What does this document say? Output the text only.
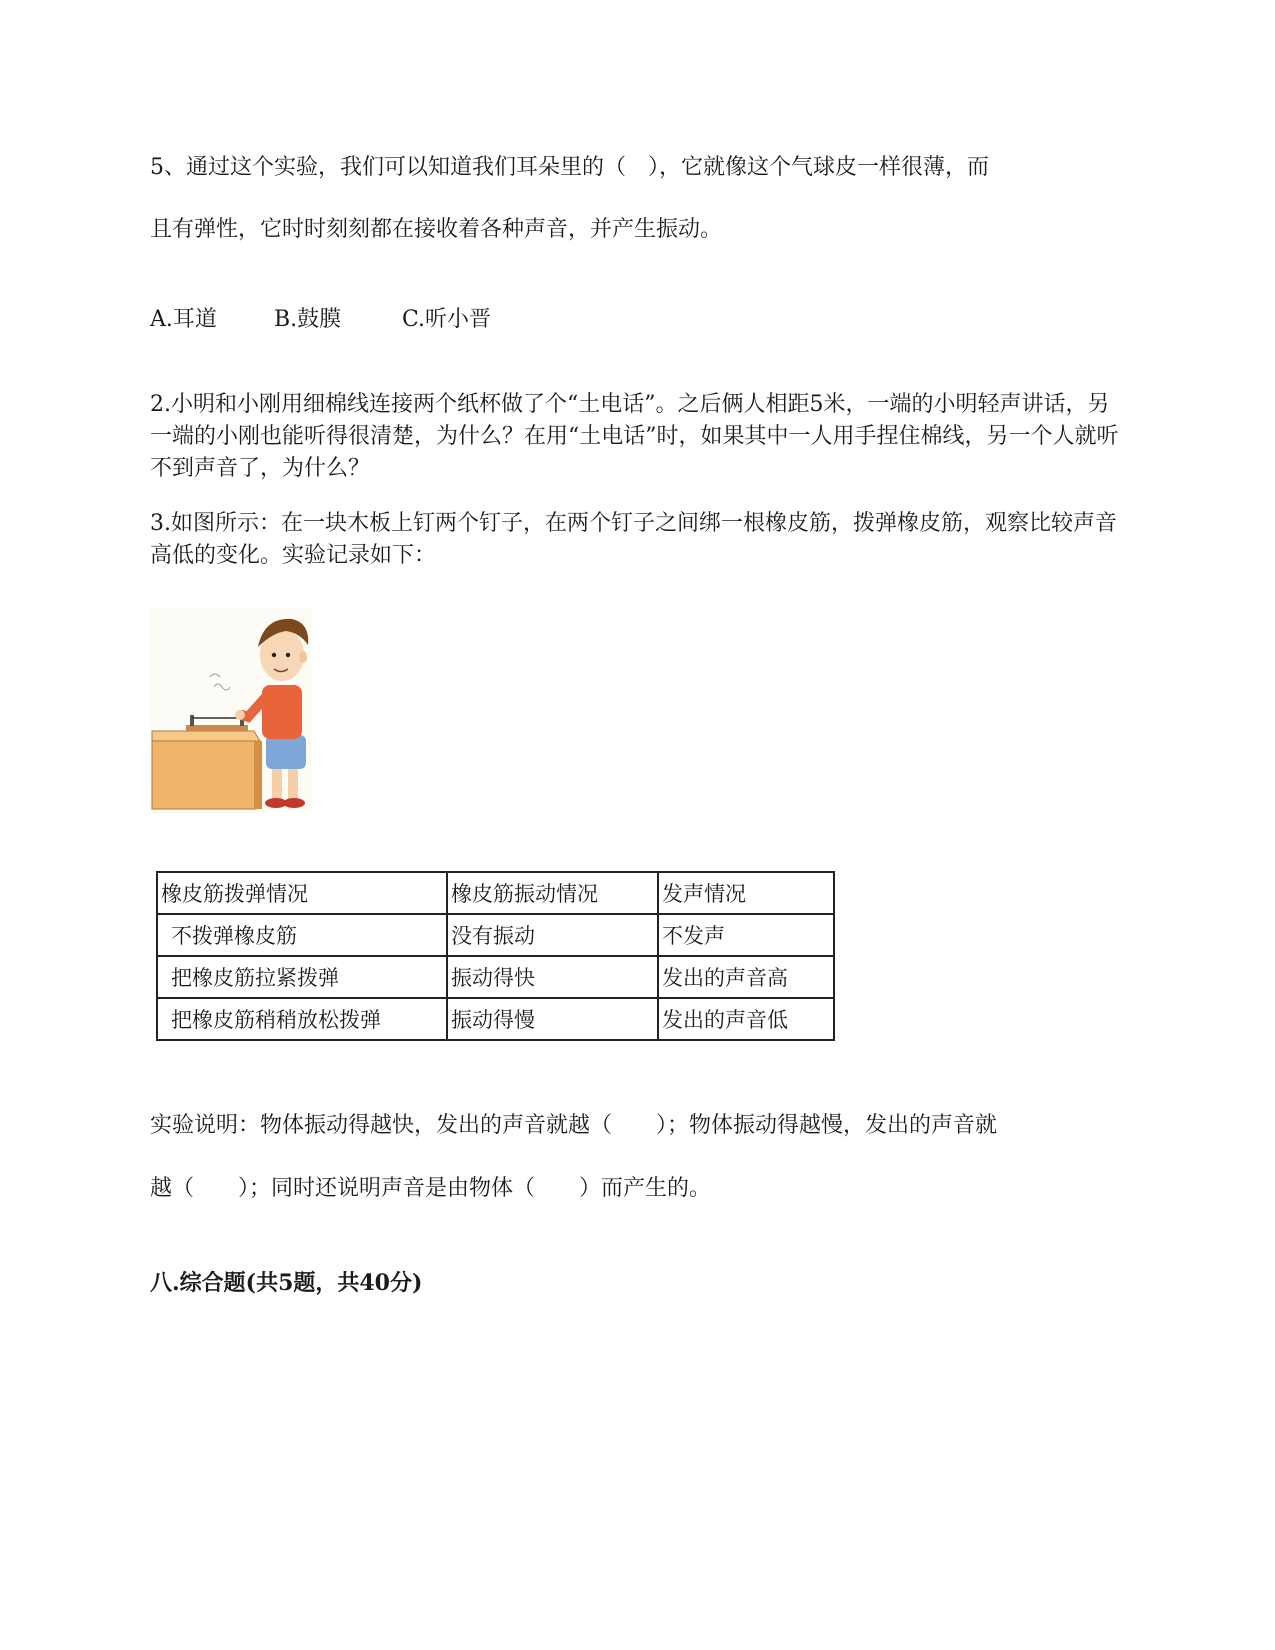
5、通过这个实验，我们可以知道我们耳朵里的（　），它就像这个气球皮一样很薄，而
且有弹性，它时时刻刻都在接收着各种声音，并产生振动。
A.耳道	B.鼓膜	C.听小晋
2.小明和小刚用细棉线连接两个纸杯做了个“土电话”。之后俩人相距5米，一端的小明轻声讲话，另一端的小刚也能听得很清楚，为什么？在用“土电话”时，如果其中一人用手捏住棉线，另一个人就听不到声音了，为什么？
3.如图所示：在一块木板上钉两个钉子，在两个钉子之间绑一根橡皮筋，拨弹橡皮筋，观察比较声音高低的变化。实验记录如下：
橡皮筋拨弹情况	橡皮筋振动情况	发声情况
不拨弹橡皮筋	没有振动	不发声
把橡皮筋拉紧拨弹	振动得快	发出的声音高
把橡皮筋稍稍放松拨弹	振动得慢	发出的声音低
实验说明：物体振动得越快，发出的声音就越（　　）；物体振动得越慢，发出的声音就
越（　　）；同时还说明声音是由物体（　　）而产生的。
八.综合题(共5题，共40分)
